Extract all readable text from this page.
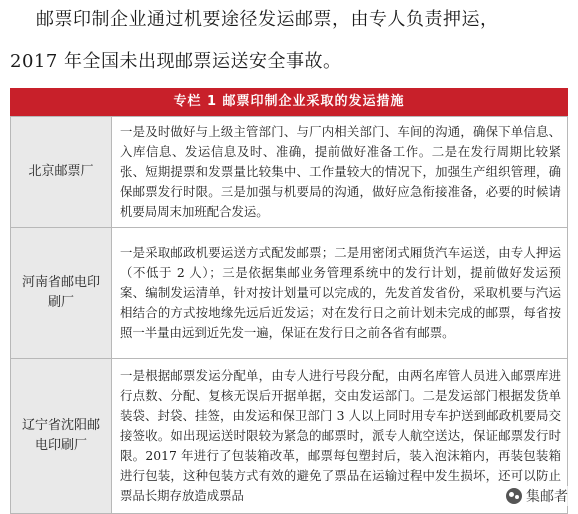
邮票印制企业通过机要途径发运邮票，由专人负责押运，
2017 年全国未出现邮票运送安全事故。
专栏 1 邮票印制企业采取的发运措施
北京邮票厂	一是及时做好与上级主管部门、与厂内相关部门、车间的沟通，确保下单信息、入库信息、发运信息及时、准确，提前做好准备工作。二是在发行周期比较紧张、短期提票和发票量比较集中、工作量较大的情况下，加强生产组织管理，确保邮票发行时限。三是加强与机要局的沟通，做好应急衔接准备，必要的时候请机要局周末加班配合发运。
河南省邮电印刷厂	一是采取邮政机要运送方式配发邮票；二是用密闭式厢货汽车运送，由专人押运（不低于 2 人）；三是依据集邮业务管理系统中的发行计划，提前做好发运预案、编制发运清单，针对按计划量可以完成的，先发首发省份，采取机要与汽运相结合的方式按地缘先远后近发运；对在发行日之前计划未完成的邮票，每省按照一半量由远到近先发一遍，保证在发行日之前各省有邮票。
辽宁省沈阳邮电印刷厂	一是根据邮票发运分配单，由专人进行号段分配，由两名库管人员进入邮票库进行点数、分配、复核无误后开据单据，交由发运部门。二是发运部门根据发货单装袋、封袋、挂签，由发运和保卫部门 3 人以上同时用专车护送到邮政机要局交接签收。如出现运送时限较为紧急的邮票时，派专人航空送达，保证邮票发行时限。2017 年进行了包装箱改革，邮票每包塑封后，装入泡沫箱内，再装包装箱进行包装，这种包装方式有效的避免了票品在运输过程中发生损坏，还可以防止票品长期存放造成票品	集邮者
